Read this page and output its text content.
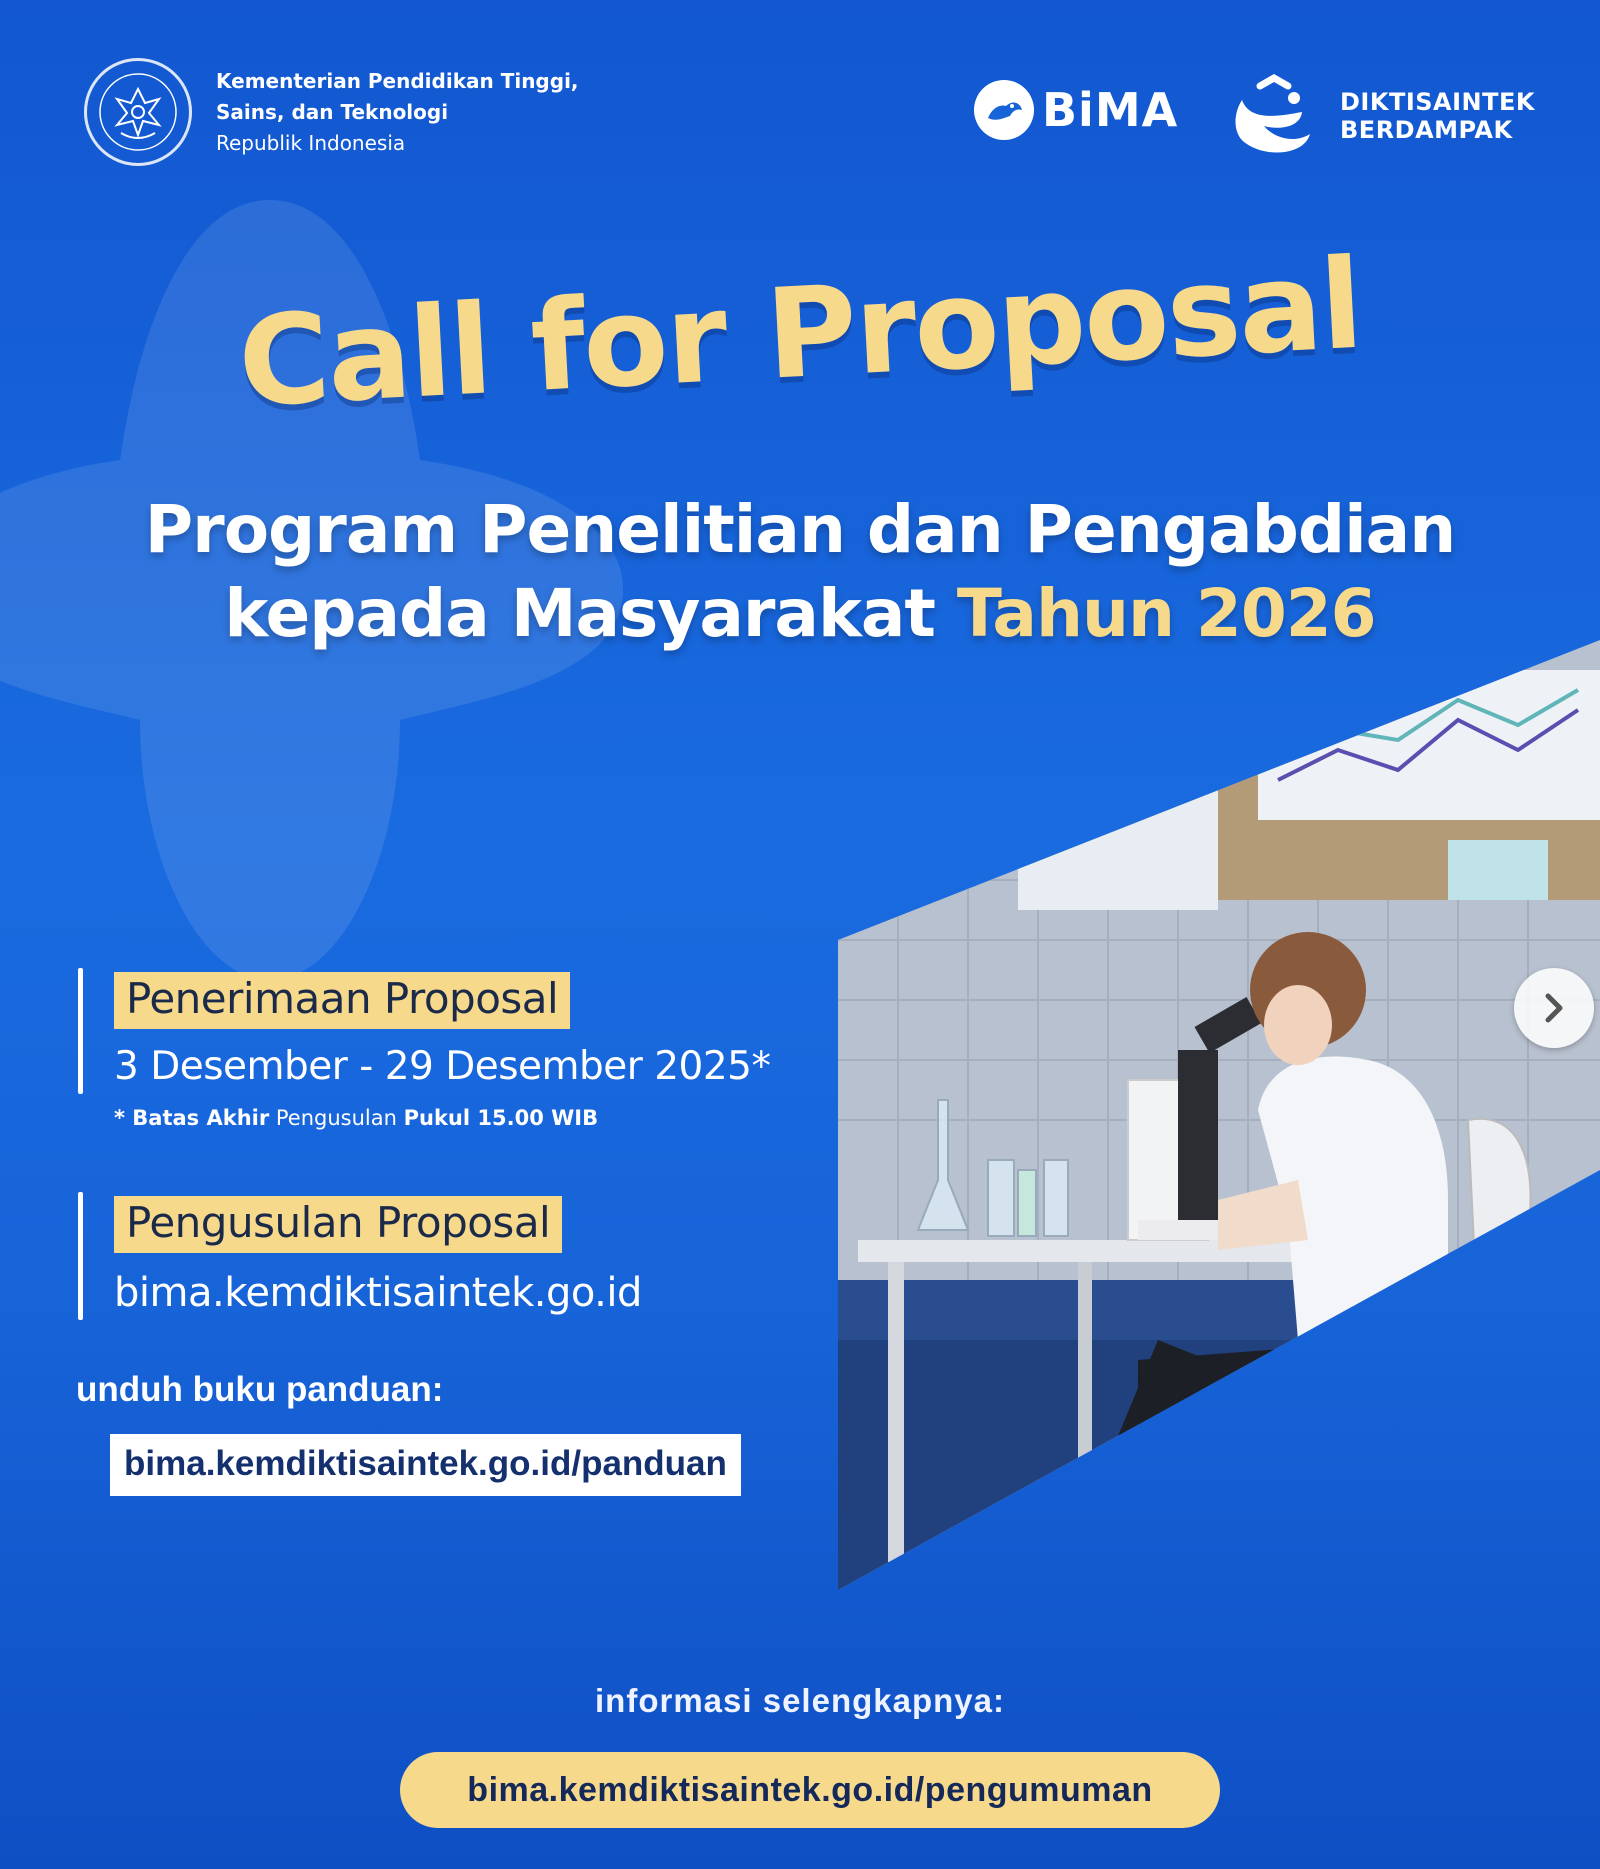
Kementerian Pendidikan Tinggi,
Sains, dan Teknologi
Republik Indonesia
BiMA	DIKTISAINTEK
BERDAMPAK
Call for Proposal
Program Penelitian dan Pengabdian
kepada Masyarakat Tahun 2026
Penerimaan Proposal
3 Desember - 29 Desember 2025*
* Batas Akhir Pengusulan Pukul 15.00 WIB
Pengusulan Proposal
bima.kemdiktisaintek.go.id
unduh buku panduan:
bima.kemdiktisaintek.go.id/panduan
informasi selengkapnya:
bima.kemdiktisaintek.go.id/pengumuman
